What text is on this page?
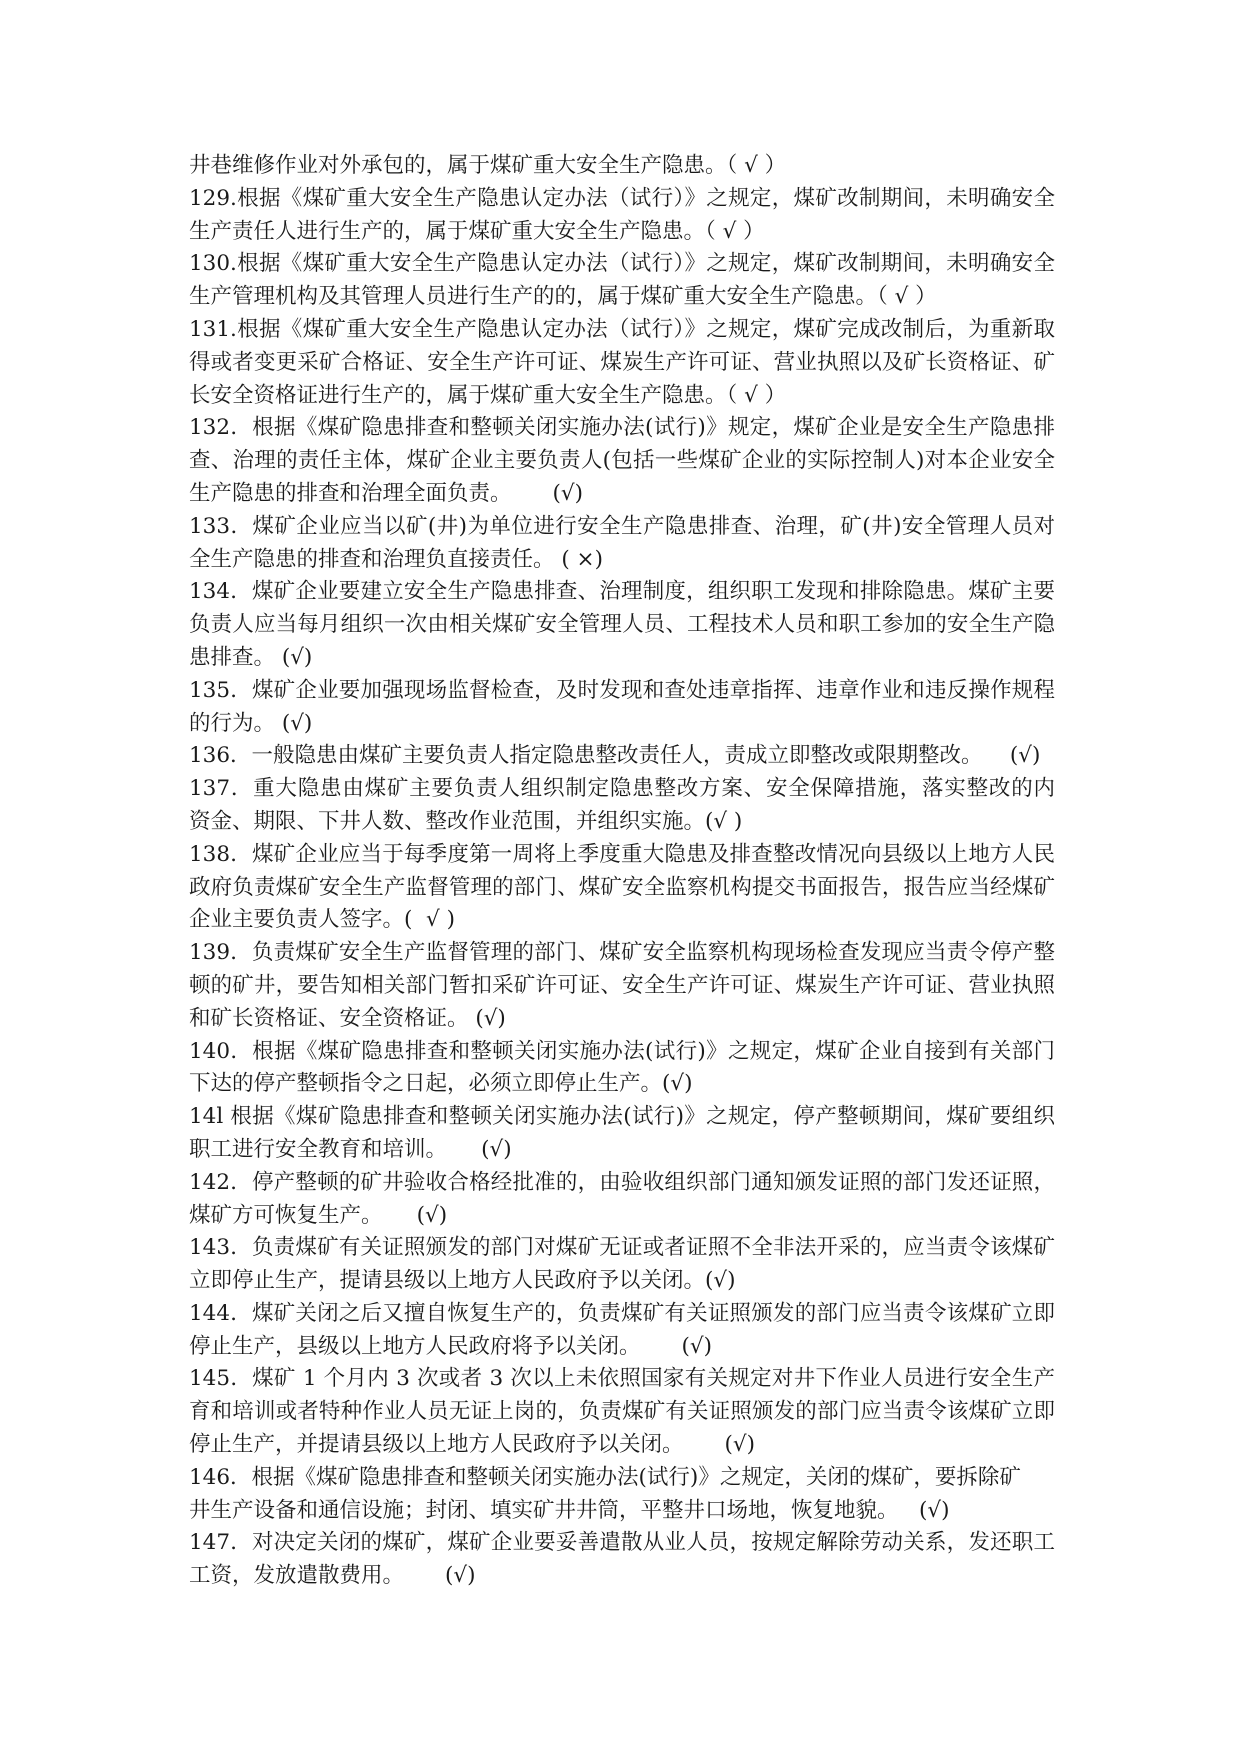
井巷维修作业对外承包的，属于煤矿重大安全生产隐患。（ √ ）
129.根据《煤矿重大安全生产隐患认定办法（试行）》之规定，煤矿改制期间，未明确安全
生产责任人进行生产的，属于煤矿重大安全生产隐患。（ √ ）
130.根据《煤矿重大安全生产隐患认定办法（试行）》之规定，煤矿改制期间，未明确安全
生产管理机构及其管理人员进行生产的的，属于煤矿重大安全生产隐患。（ √ ）
131.根据《煤矿重大安全生产隐患认定办法（试行）》之规定，煤矿完成改制后，为重新取
得或者变更采矿合格证、安全生产许可证、煤炭生产许可证、营业执照以及矿长资格证、矿
长安全资格证进行生产的，属于煤矿重大安全生产隐患。（ √ ）
132．根据《煤矿隐患排查和整顿关闭实施办法(试行)》规定，煤矿企业是安全生产隐患排
查、治理的责任主体，煤矿企业主要负责人(包括一些煤矿企业的实际控制人)对本企业安全
生产隐患的排查和治理全面负责。      (√)
133．煤矿企业应当以矿(井)为单位进行安全生产隐患排查、治理，矿(井)安全管理人员对
全生产隐患的排查和治理负直接责任。 ( ×)
134．煤矿企业要建立安全生产隐患排查、治理制度，组织职工发现和排除隐患。煤矿主要
负责人应当每月组织一次由相关煤矿安全管理人员、工程技术人员和职工参加的安全生产隐
患排查。 (√)
135．煤矿企业要加强现场监督检查，及时发现和查处违章指挥、违章作业和违反操作规程
的行为。 (√)
136．一般隐患由煤矿主要负责人指定隐患整改责任人，责成立即整改或限期整改。    (√)
137．重大隐患由煤矿主要负责人组织制定隐患整改方案、安全保障措施，落实整改的内
资金、期限、下井人数、整改作业范围，并组织实施。(√ )
138．煤矿企业应当于每季度第一周将上季度重大隐患及排查整改情况向县级以上地方人民
政府负责煤矿安全生产监督管理的部门、煤矿安全监察机构提交书面报告，报告应当经煤矿
企业主要负责人签字。(  √ )
139．负责煤矿安全生产监督管理的部门、煤矿安全监察机构现场检查发现应当责令停产整
顿的矿井，要告知相关部门暂扣采矿许可证、安全生产许可证、煤炭生产许可证、营业执照
和矿长资格证、安全资格证。 (√)
140．根据《煤矿隐患排查和整顿关闭实施办法(试行)》之规定，煤矿企业自接到有关部门
下达的停产整顿指令之日起，必须立即停止生产。(√)
14l 根据《煤矿隐患排查和整顿关闭实施办法(试行)》之规定，停产整顿期间，煤矿要组织
职工进行安全教育和培训。     (√)
142．停产整顿的矿井验收合格经批准的，由验收组织部门通知颁发证照的部门发还证照，
煤矿方可恢复生产。     (√)
143．负责煤矿有关证照颁发的部门对煤矿无证或者证照不全非法开采的，应当责令该煤矿
立即停止生产，提请县级以上地方人民政府予以关闭。(√)
144．煤矿关闭之后又擅自恢复生产的，负责煤矿有关证照颁发的部门应当责令该煤矿立即
停止生产，县级以上地方人民政府将予以关闭。      (√)
145．煤矿 1 个月内 3 次或者 3 次以上未依照国家有关规定对井下作业人员进行安全生产
育和培训或者特种作业人员无证上岗的，负责煤矿有关证照颁发的部门应当责令该煤矿立即
停止生产，并提请县级以上地方人民政府予以关闭。      (√)
146．根据《煤矿隐患排查和整顿关闭实施办法(试行)》之规定，关闭的煤矿，要拆除矿
井生产设备和通信设施；封闭、填实矿井井筒，平整井口场地，恢复地貌。   (√)
147．对决定关闭的煤矿，煤矿企业要妥善遣散从业人员，按规定解除劳动关系，发还职工
工资，发放遣散费用。      (√)
